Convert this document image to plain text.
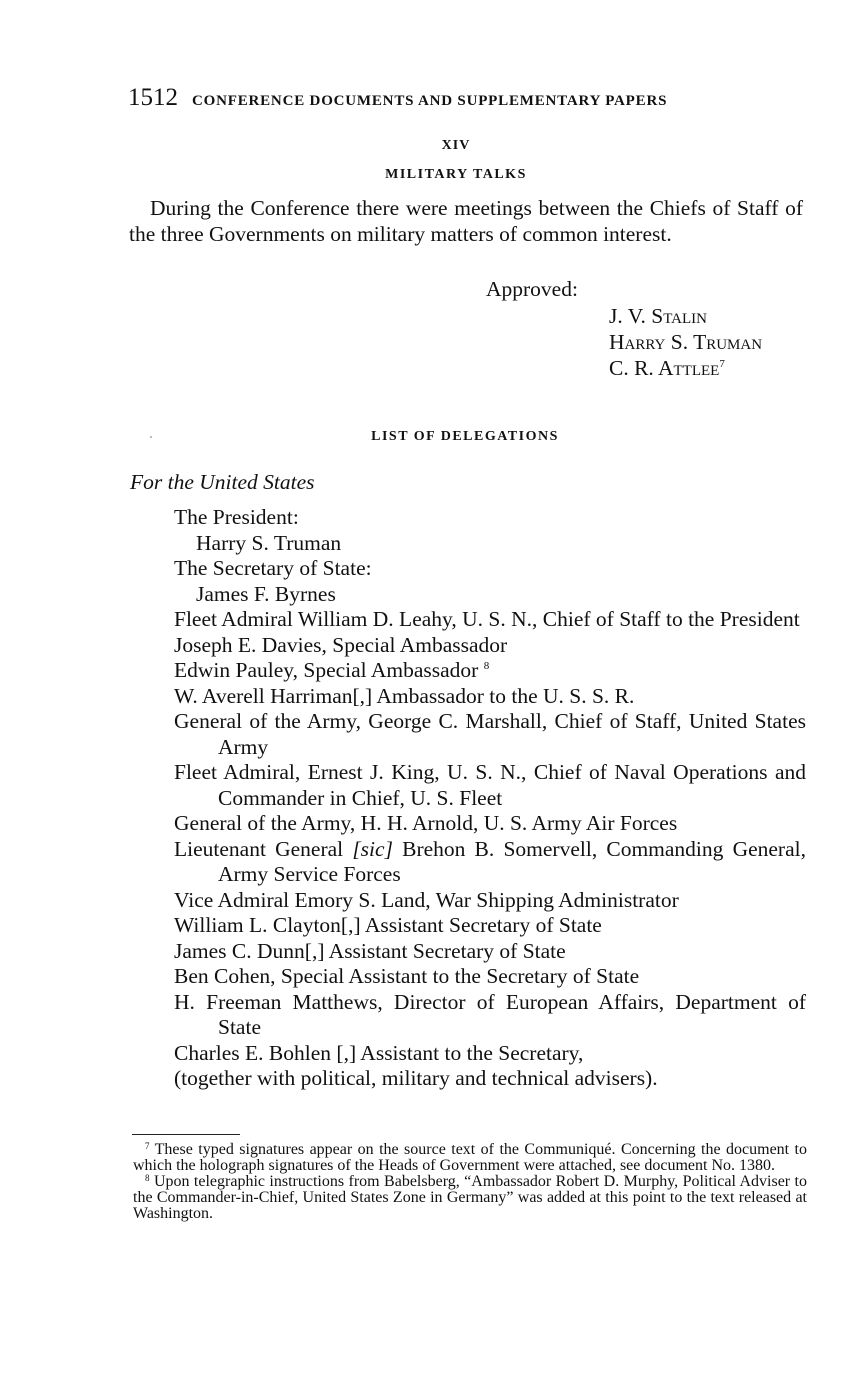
1512 CONFERENCE DOCUMENTS AND SUPPLEMENTARY PAPERS
XIV
MILITARY TALKS

During the Conference there were meetings between the Chiefs of Staff of the three Governments on military matters of common interest.

Approved:
J. V. Stalin
Harry S. Truman
C. R. Attlee$^7$
LIST OF DELEGATIONS
For the United States
The President:
Harry S. Truman
The Secretary of State:
James F. Byrnes
Fleet Admiral William D. Leahy, U. S. N., Chief of Staff to the President
Joseph E. Davies, Special Ambassador
Edwin Pauley, Special Ambassador $^8$
W. Averell Harriman[,] Ambassador to the U. S. S. R.
General of the Army, George C. Marshall, Chief of Staff, United States Army
Fleet Admiral, Ernest J. King, U. S. N., Chief of Naval Operations and Commander in Chief, U. S. Fleet
General of the Army, H. H. Arnold, U. S. Army Air Forces
Lieutenant General [sic] Brehon B. Somervell, Commanding General, Army Service Forces
Vice Admiral Emory S. Land, War Shipping Administrator
William L. Clayton[,] Assistant Secretary of State
James C. Dunn[,] Assistant Secretary of State
Ben Cohen, Special Assistant to the Secretary of State
H. Freeman Matthews, Director of European Affairs, Department of State
Charles E. Bohlen [,] Assistant to the Secretary,
(together with political, military and technical advisers).

$^7$ These typed signatures appear on the source text of the Communiqué. Concerning the document to which the holograph signatures of the Heads of Government were attached, see document No. 1380.

$^8$ Upon telegraphic instructions from Babelsberg, “Ambassador Robert D. Murphy, Political Adviser to the Commander-in-Chief, United States Zone in Germany” was added at this point to the text released at Washington.
